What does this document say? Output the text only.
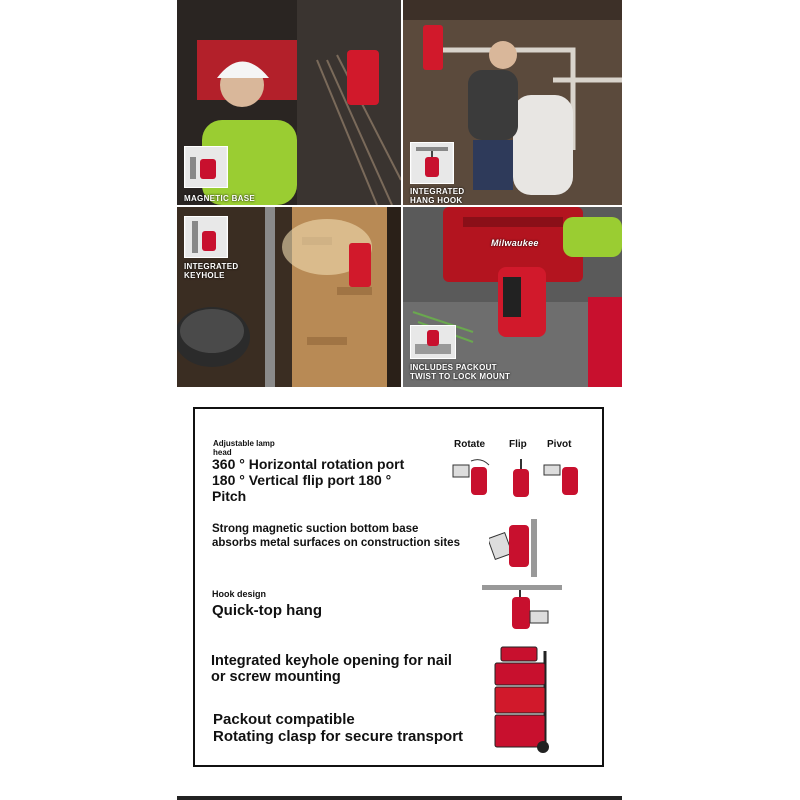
MAGNETIC BASE
INTEGRATED
HANG HOOK
INTEGRATED
KEYHOLE
Milwaukee
INCLUDES PACKOUT
TWIST TO LOCK MOUNT
Adjustable lamp
head
360 ° Horizontal rotation port
180 ° Vertical flip port 180 °
Pitch
Rotate Flip Pivot
Strong magnetic suction bottom base
absorbs metal surfaces on construction sites
Hook design
Quick-top hang
Integrated keyhole opening for nail
or screw mounting
Packout compatible
Rotating clasp for secure transport
